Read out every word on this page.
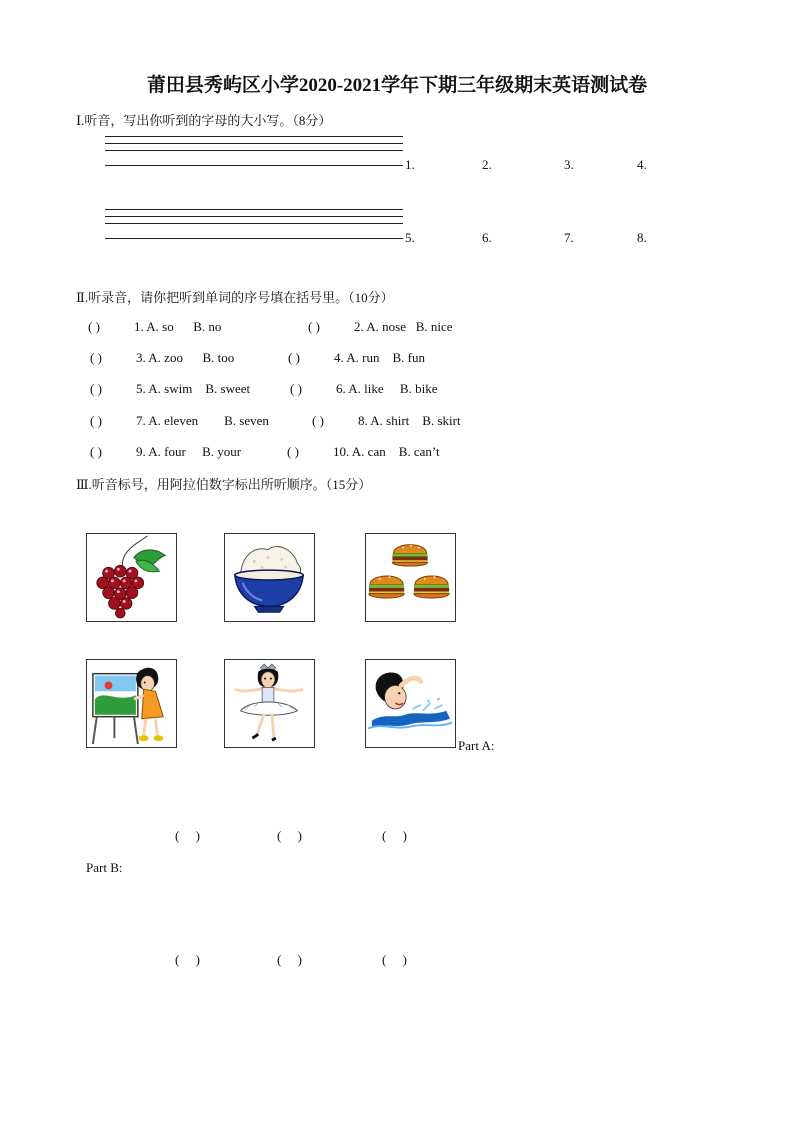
莆田县秀屿区小学2020-2021学年下期三年级期末英语测试卷
Ⅰ.听音，写出你听到的字母的大小写。（8分）
1.	2.	3.	4.
5.	6.	7.	8.
Ⅱ.听录音，请你把听到单词的序号填在括号里。（10分）
( )	1. A. so      B. no	( )	2. A. nose   B. nice
( )	3. A. zoo      B. too	( )	4. A. run    B. fun
( )	5. A. swim    B. sweet	( )	6. A. like     B. bike
( )	7. A. eleven        B. seven	( )	8. A. shirt    B. skirt
( )	9. A. four     B. your	( )	10. A. can    B. can’t
Ⅲ.听音标号，用阿拉伯数字标出所听顺序。（15分）
Part A:
(     )	(     )	(     )
Part B:
(     )	(     )	(     )
